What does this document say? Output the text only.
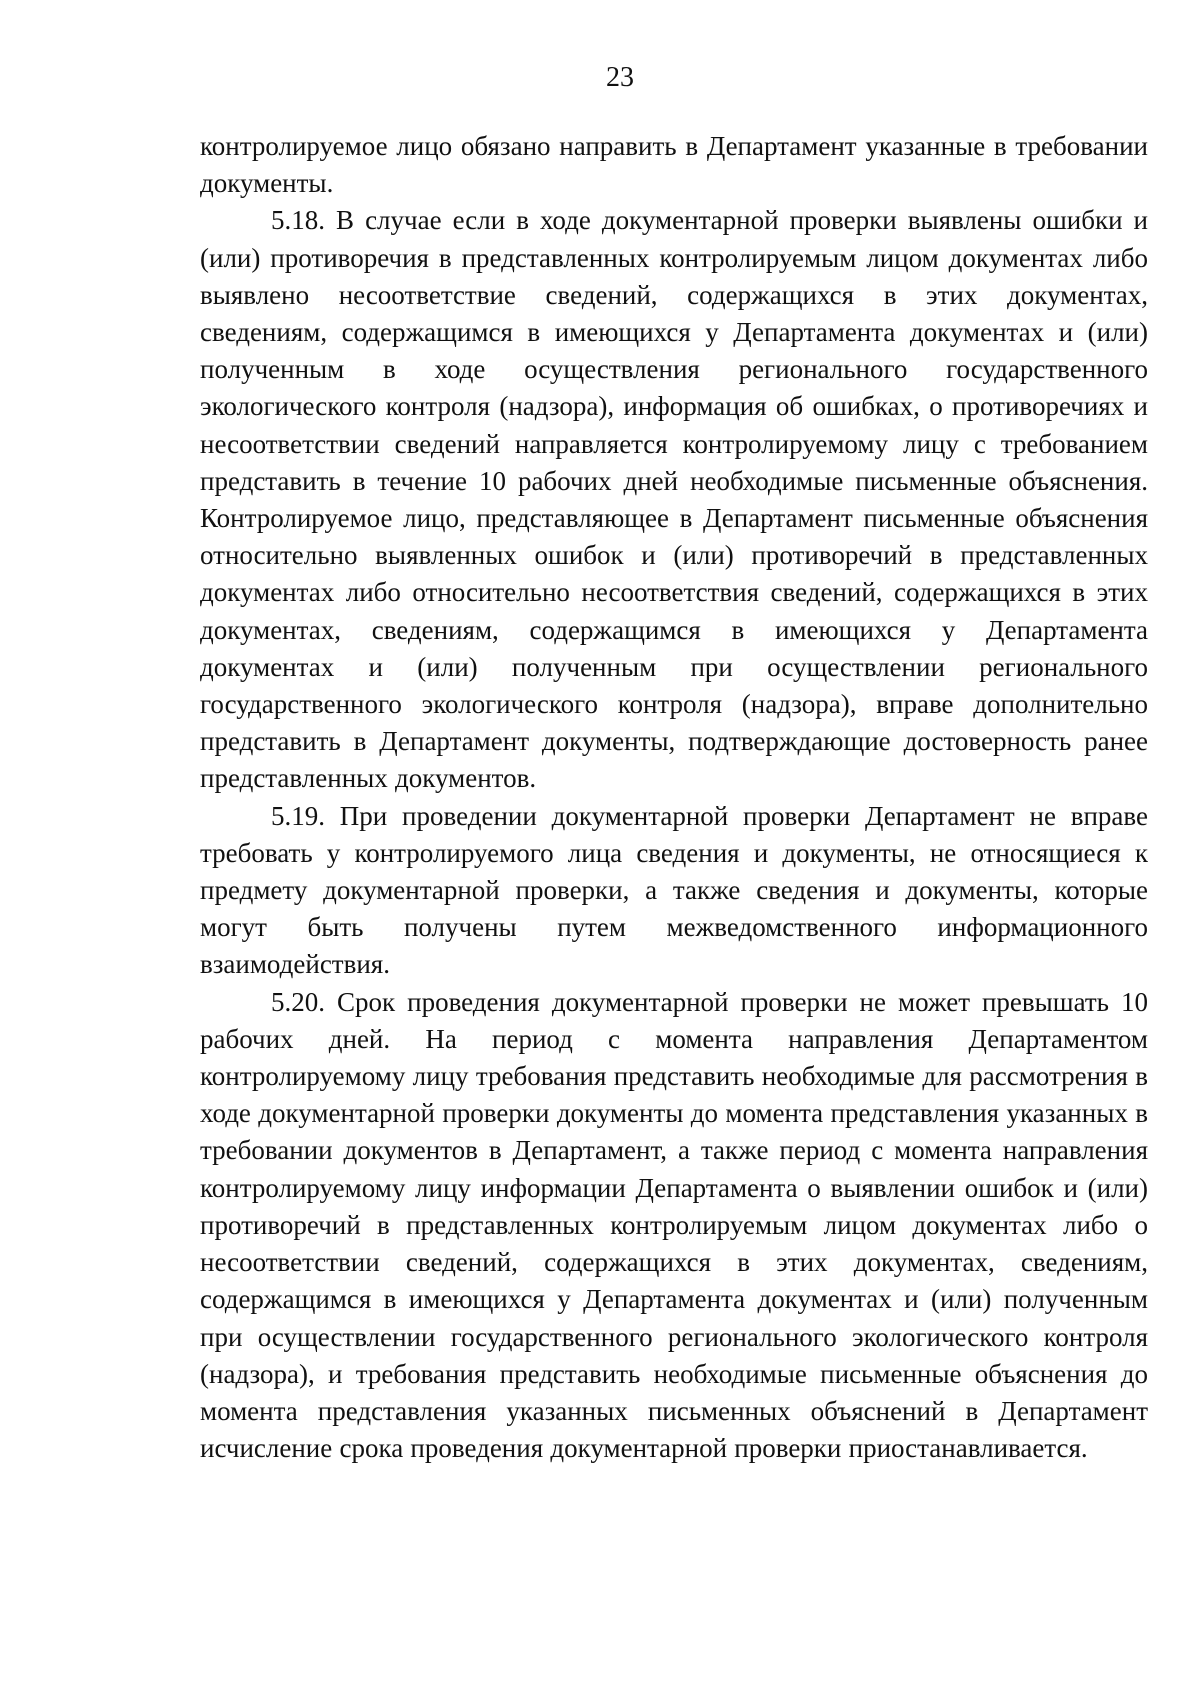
23

контролируемое лицо обязано направить в Департамент указанные в требовании документы.

5.18. В случае если в ходе документарной проверки выявлены ошибки и (или) противоречия в представленных контролируемым лицом документах либо выявлено несоответствие сведений, содержащихся в этих документах, сведениям, содержащимся в имеющихся у Департамента документах и (или) полученным в ходе осуществления регионального государственного экологического контроля (надзора), информация об ошибках, о противоречиях и несоответствии сведений направляется контролируемому лицу с требованием представить в течение 10 рабочих дней необходимые письменные объяснения. Контролируемое лицо, представляющее в Департамент письменные объяснения относительно выявленных ошибок и (или) противоречий в представленных документах либо относительно несоответствия сведений, содержащихся в этих документах, сведениям, содержащимся в имеющихся у Департамента документах и (или) полученным при осуществлении регионального государственного экологического контроля (надзора), вправе дополнительно представить в Департамент документы, подтверждающие достоверность ранее представленных документов.

5.19. При проведении документарной проверки Департамент не вправе требовать у контролируемого лица сведения и документы, не относящиеся к предмету документарной проверки, а также сведения и документы, которые могут быть получены путем межведомственного информационного взаимодействия.

5.20. Срок проведения документарной проверки не может превышать 10 рабочих дней. На период с момента направления Департаментом контролируемому лицу требования представить необходимые для рассмотрения в ходе документарной проверки документы до момента представления указанных в требовании документов в Департамент, а также период с момента направления контролируемому лицу информации Департамента о выявлении ошибок и (или) противоречий в представленных контролируемым лицом документах либо о несоответствии сведений, содержащихся в этих документах, сведениям, содержащимся в имеющихся у Департамента документах и (или) полученным при осуществлении государственного регионального экологического контроля (надзора), и требования представить необходимые письменные объяснения до момента представления указанных письменных объяснений в Департамент исчисление срока проведения документарной проверки приостанавливается.
